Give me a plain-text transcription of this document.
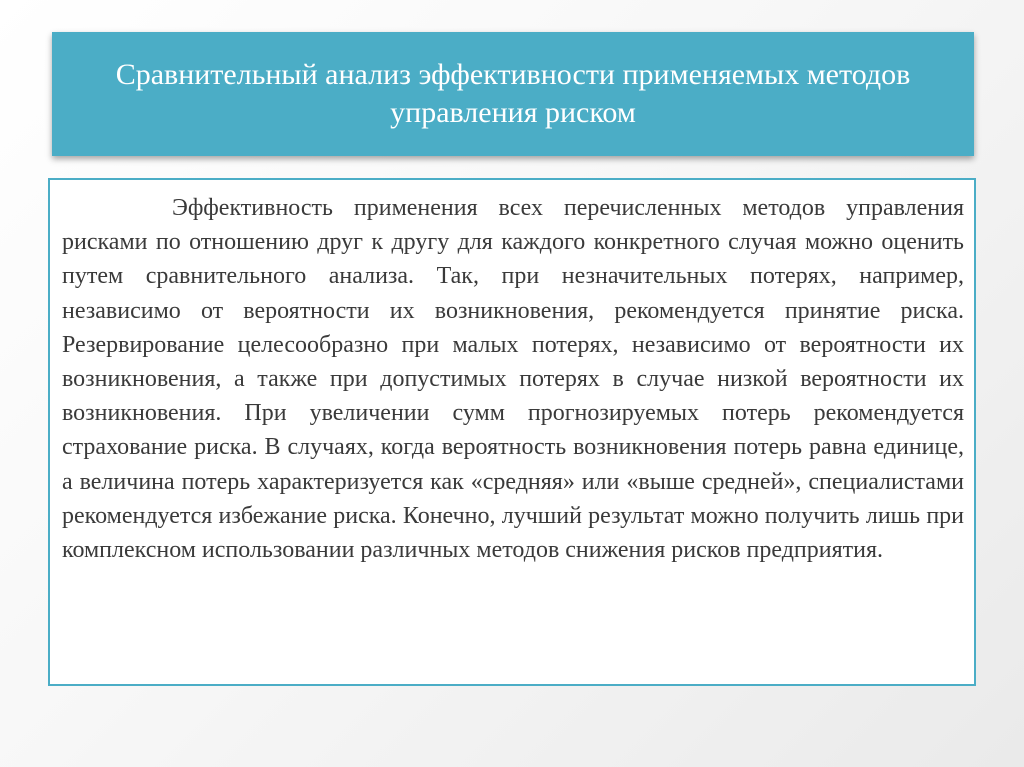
Сравнительный анализ эффективности применяемых методов управления риском

Эффективность применения всех перечисленных методов управления рисками по отношению друг к другу для каждого конкретного случая можно оценить путем сравнительного анализа. Так, при незначительных потерях, например, независимо от вероятности их возникновения, рекомендуется принятие риска. Резервирование целесообразно при малых потерях, независимо от вероятности их возникновения, а также при допустимых потерях в случае низкой вероятности их возникновения. При увеличении сумм прогнозируемых потерь рекомендуется страхование риска. В случаях, когда вероятность возникновения потерь равна единице, а величина потерь характеризуется как «средняя» или «выше средней», специалистами рекомендуется избежание риска. Конечно, лучший результат можно получить лишь при комплексном использовании различных методов снижения рисков предприятия.
